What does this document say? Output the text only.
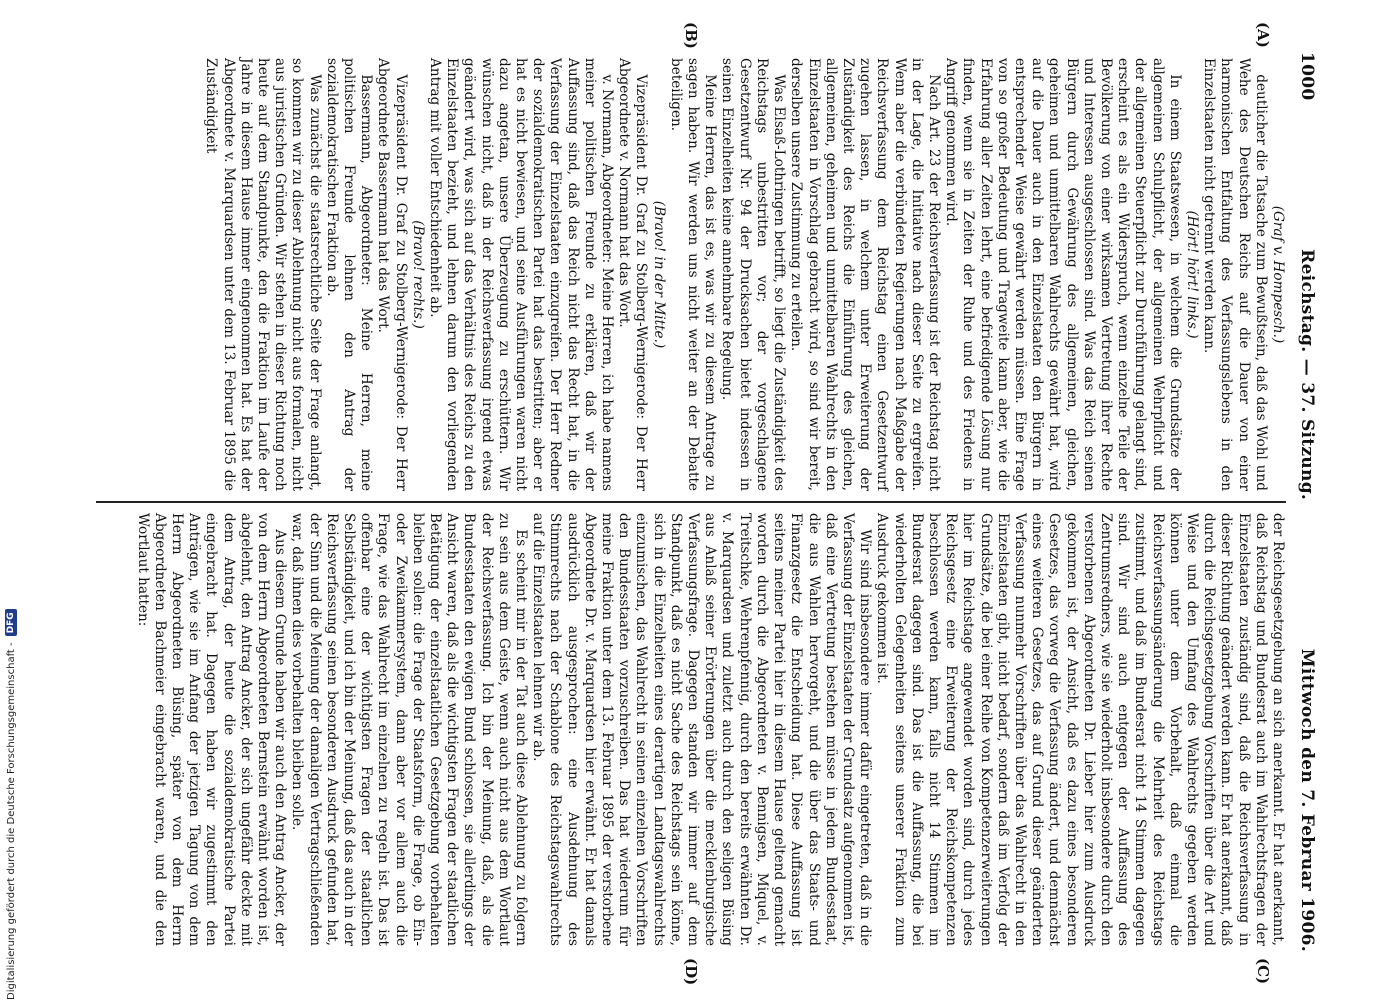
1000
Reichstag. — 37. Sitzung.
Mittwoch den 7. Februar 1906.

(Graf v. Hompesch.)

deutlicher die Tatsache zum Bewußtsein, daß das Wohl und Wehe des Deutschen Reichs auf die Dauer von einer harmonischen Entfaltung des Verfassungslebens in den Einzelstaaten nicht getrennt werden kann.

(Hört! hört! links.)

In einem Staatswesen, in welchem die Grundsätze der allgemeinen Schulpflicht, der allgemeinen Wehrpflicht und der allgemeinen Steuerpflicht zur Durchführung gelangt sind, erscheint es als ein Widerspruch, wenn einzelne Teile der Bevölkerung von einer wirksamen Vertretung ihrer Rechte und Interessen ausgeschlossen sind. Was das Reich seinen Bürgern durch Gewährung des allgemeinen, gleichen, geheimen und unmittelbaren Wahlrechts gewährt hat, wird auf die Dauer auch in den Einzelstaaten den Bürgern in entsprechender Weise gewährt werden müssen. Eine Frage von so großer Bedeutung und Tragweite kann aber, wie die Erfahrung aller Zeiten lehrt, eine befriedigende Lösung nur finden, wenn sie in Zeiten der Ruhe und des Friedens in Angriff genommen wird.

Nach Art. 23 der Reichsverfassung ist der Reichstag nicht in der Lage, die Initiative nach dieser Seite zu ergreifen. Wenn aber die verbündeten Regierungen nach Maßgabe der Reichsverfassung dem Reichstag einen Gesetzentwurf zugehen lassen, in welchem unter Erweiterung der Zuständigkeit des Reichs die Einführung des gleichen, allgemeinen, geheimen und unmittelbaren Wahlrechts in den Einzelstaaten in Vorschlag gebracht wird, so sind wir bereit, derselben unsere Zustimmung zu erteilen.

Was Elsaß-Lothringen betrifft, so liegt die Zuständigkeit des Reichstags unbestritten vor; der vorgeschlagene Gesetzentwurf Nr. 94 der Drucksachen bietet indessen in seinen Einzelheiten keine annehmbare Regelung.

Meine Herren, das ist es, was wir zu diesem Antrage zu sagen haben. Wir werden uns nicht weiter an der Debatte beteiligen.

(Bravo! in der Mitte.)

Vizepräsident Dr. Graf zu Stolberg-Wernigerode: Der Herr Abgeordnete v. Normann hat das Wort.

v. Normann, Abgeordneter: Meine Herren, ich habe namens meiner politischen Freunde zu erklären, daß wir der Auffassung sind, daß das Reich nicht das Recht hat, in die Verfassung der Einzelstaaten einzugreifen. Der Herr Redner der sozialdemokratischen Partei hat das bestritten; aber er hat es nicht bewiesen, und seine Ausführungen waren nicht dazu angetan, unsere Überzeugung zu erschüttern. Wir wünschen nicht, daß in der Reichsverfassung irgend etwas geändert wird, was sich auf das Verhältnis des Reichs zu den Einzelstaaten bezieht, und lehnen darum den vorliegenden Antrag mit voller Entschiedenheit ab.

(Bravo! rechts.)

Vizepräsident Dr. Graf zu Stolberg-Wernigerode: Der Herr Abgeordnete Bassermann hat das Wort.

Bassermann, Abgeordneter: Meine Herren, meine politischen Freunde lehnen den Antrag der sozialdemokratischen Fraktion ab.

Was zunächst die staatsrechtliche Seite der Frage anlangt, so kommen wir zu dieser Ablehnung nicht aus formalen, nicht aus juristischen Gründen. Wir stehen in dieser Richtung noch heute auf dem Standpunkte, den die Fraktion im Laufe der Jahre in diesem Hause immer eingenommen hat. Es hat der Abgeordnete v. Marquardsen unter dem 13. Februar 1895 die Zuständigkeit

der Reichsgesetzgebung an sich anerkannt. Er hat anerkannt, daß Reichstag und Bundesrat auch im Wahlrechtsfragen der Einzelstaaten zuständig sind, daß die Reichsverfassung in dieser Richtung geändert werden kann. Er hat anerkannt, daß durch die Reichsgesetzgebung Vorschriften über die Art und Weise und den Umfang des Wahlrechts gegeben werden können unter dem Vorbehalt, daß einmal die Reichsverfassungsänderung die Mehrheit des Reichstags zustimmt, und daß im Bundesrat nicht 14 Stimmen dagegen sind. Wir sind auch entgegen der Auffassung des Zentrumsredners, wie sie wiederholt insbesondere durch den verstorbenen Abgeordneten Dr. Lieber hier zum Ausdruck gekommen ist, der Ansicht, daß es dazu eines besonderen Gesetzes, das vorweg die Verfassung ändert, und demnächst eines weiteren Gesetzes, das auf Grund dieser geänderten Verfassung nunmehr Vorschriften über das Wahlrecht in den Einzelstaaten gibt, nicht bedarf, sondern daß im Verfolg der Grundsätze, die bei einer Reihe von Kompetenzerweiterungen hier im Reichstage angewendet worden sind, durch jedes Reichsgesetz eine Erweiterung der Reichskompetenzen beschlossen werden kann, falls nicht 14 Stimmen im Bundesrat dagegen sind. Das ist die Auffassung, die bei wiederholten Gelegenheiten seitens unserer Fraktion zum Ausdruck gekommen ist.

Wir sind insbesondere immer dafür eingetreten, daß in die Verfassung der Einzelstaaten der Grundsatz aufgenommen ist, daß eine Vertretung bestehen müsse in jedem Bundesstaat, die aus Wahlen hervorgeht, und die über das Staats- und Finanzgesetz die Entscheidung hat. Diese Auffassung ist seitens meiner Partei hier in diesem Hause geltend gemacht worden durch die Abgeordneten v. Bennigsen, Miquel, v. Treitschke, Wehrenpfennig, durch den bereits erwähnten Dr. v. Marquardsen und zuletzt auch durch den seligen Büsing aus Anlaß seiner Erörterungen über die mecklenburgische Verfassungsfrage. Dagegen standen wir immer auf dem Standpunkt, daß es nicht Sache des Reichstags sein könne, sich in die Einzelheiten eines derartigen Landtagswahlrechts einzumischen, das Wahlrecht in seinen einzelnen Vorschriften den Bundesstaaten vorzuschreiben. Das hat wiederum für meine Fraktion unter dem 13. Februar 1895 der verstorbene Abgeordnete Dr. v. Marquardsen hier erwähnt. Er hat damals ausdrücklich ausgesprochen: eine Ausdehnung des Stimmrechts nach der Schablone des Reichstagswahlrechts auf die Einzelstaaten lehnen wir ab.

Es scheint mir in der Tat auch diese Ablehnung zu folgern zu sein aus dem Geiste, wenn auch nicht aus dem Wortlaut der Reichsverfassung. Ich bin der Meinung, daß, als die Bundesstaaten den ewigen Bund schlossen, sie allerdings der Ansicht waren, daß als die wichtigsten Fragen der staatlichen Betätigung der einzelstaatlichen Gesetzgebung vorbehalten bleiben sollen: die Frage der Staatsform, die Frage, ob Ein- oder Zweikammersystem, dann aber vor allem auch die Frage, wie das Wahlrecht im einzelnen zu regeln ist. Das ist offenbar eine der wichtigsten Fragen der staatlichen Selbständigkeit, und ich bin der Meinung, daß das auch in der Reichsverfassung seinen besonderen Ausdruck gefunden hat, der Sinn und die Meinung der damaligen Vertragschließenden war, daß ihnen dies vorbehalten bleiben solle.

Aus diesem Grunde haben wir auch den Antrag Ancker, der von dem Herrn Abgeordneten Bernstein erwähnt worden ist, abgelehnt, den Antrag Ancker, der sich ungefähr deckte mit dem Antrag, der heute die sozialdemokratische Partei eingebracht hat. Dagegen haben wir zugestimmt den Anträgen, wie sie im Anfang der jetzigen Tagung von dem Herrn Abgeordneten Büsing, später von dem Herrn Abgeordneten Bachmeier eingebracht waren, und die den Wortlaut hatten:

(A)
(B)
(C)
(D)
Digitalisierung gefördert durch die Deutsche Forschungsgemeinschaft -
DFG
